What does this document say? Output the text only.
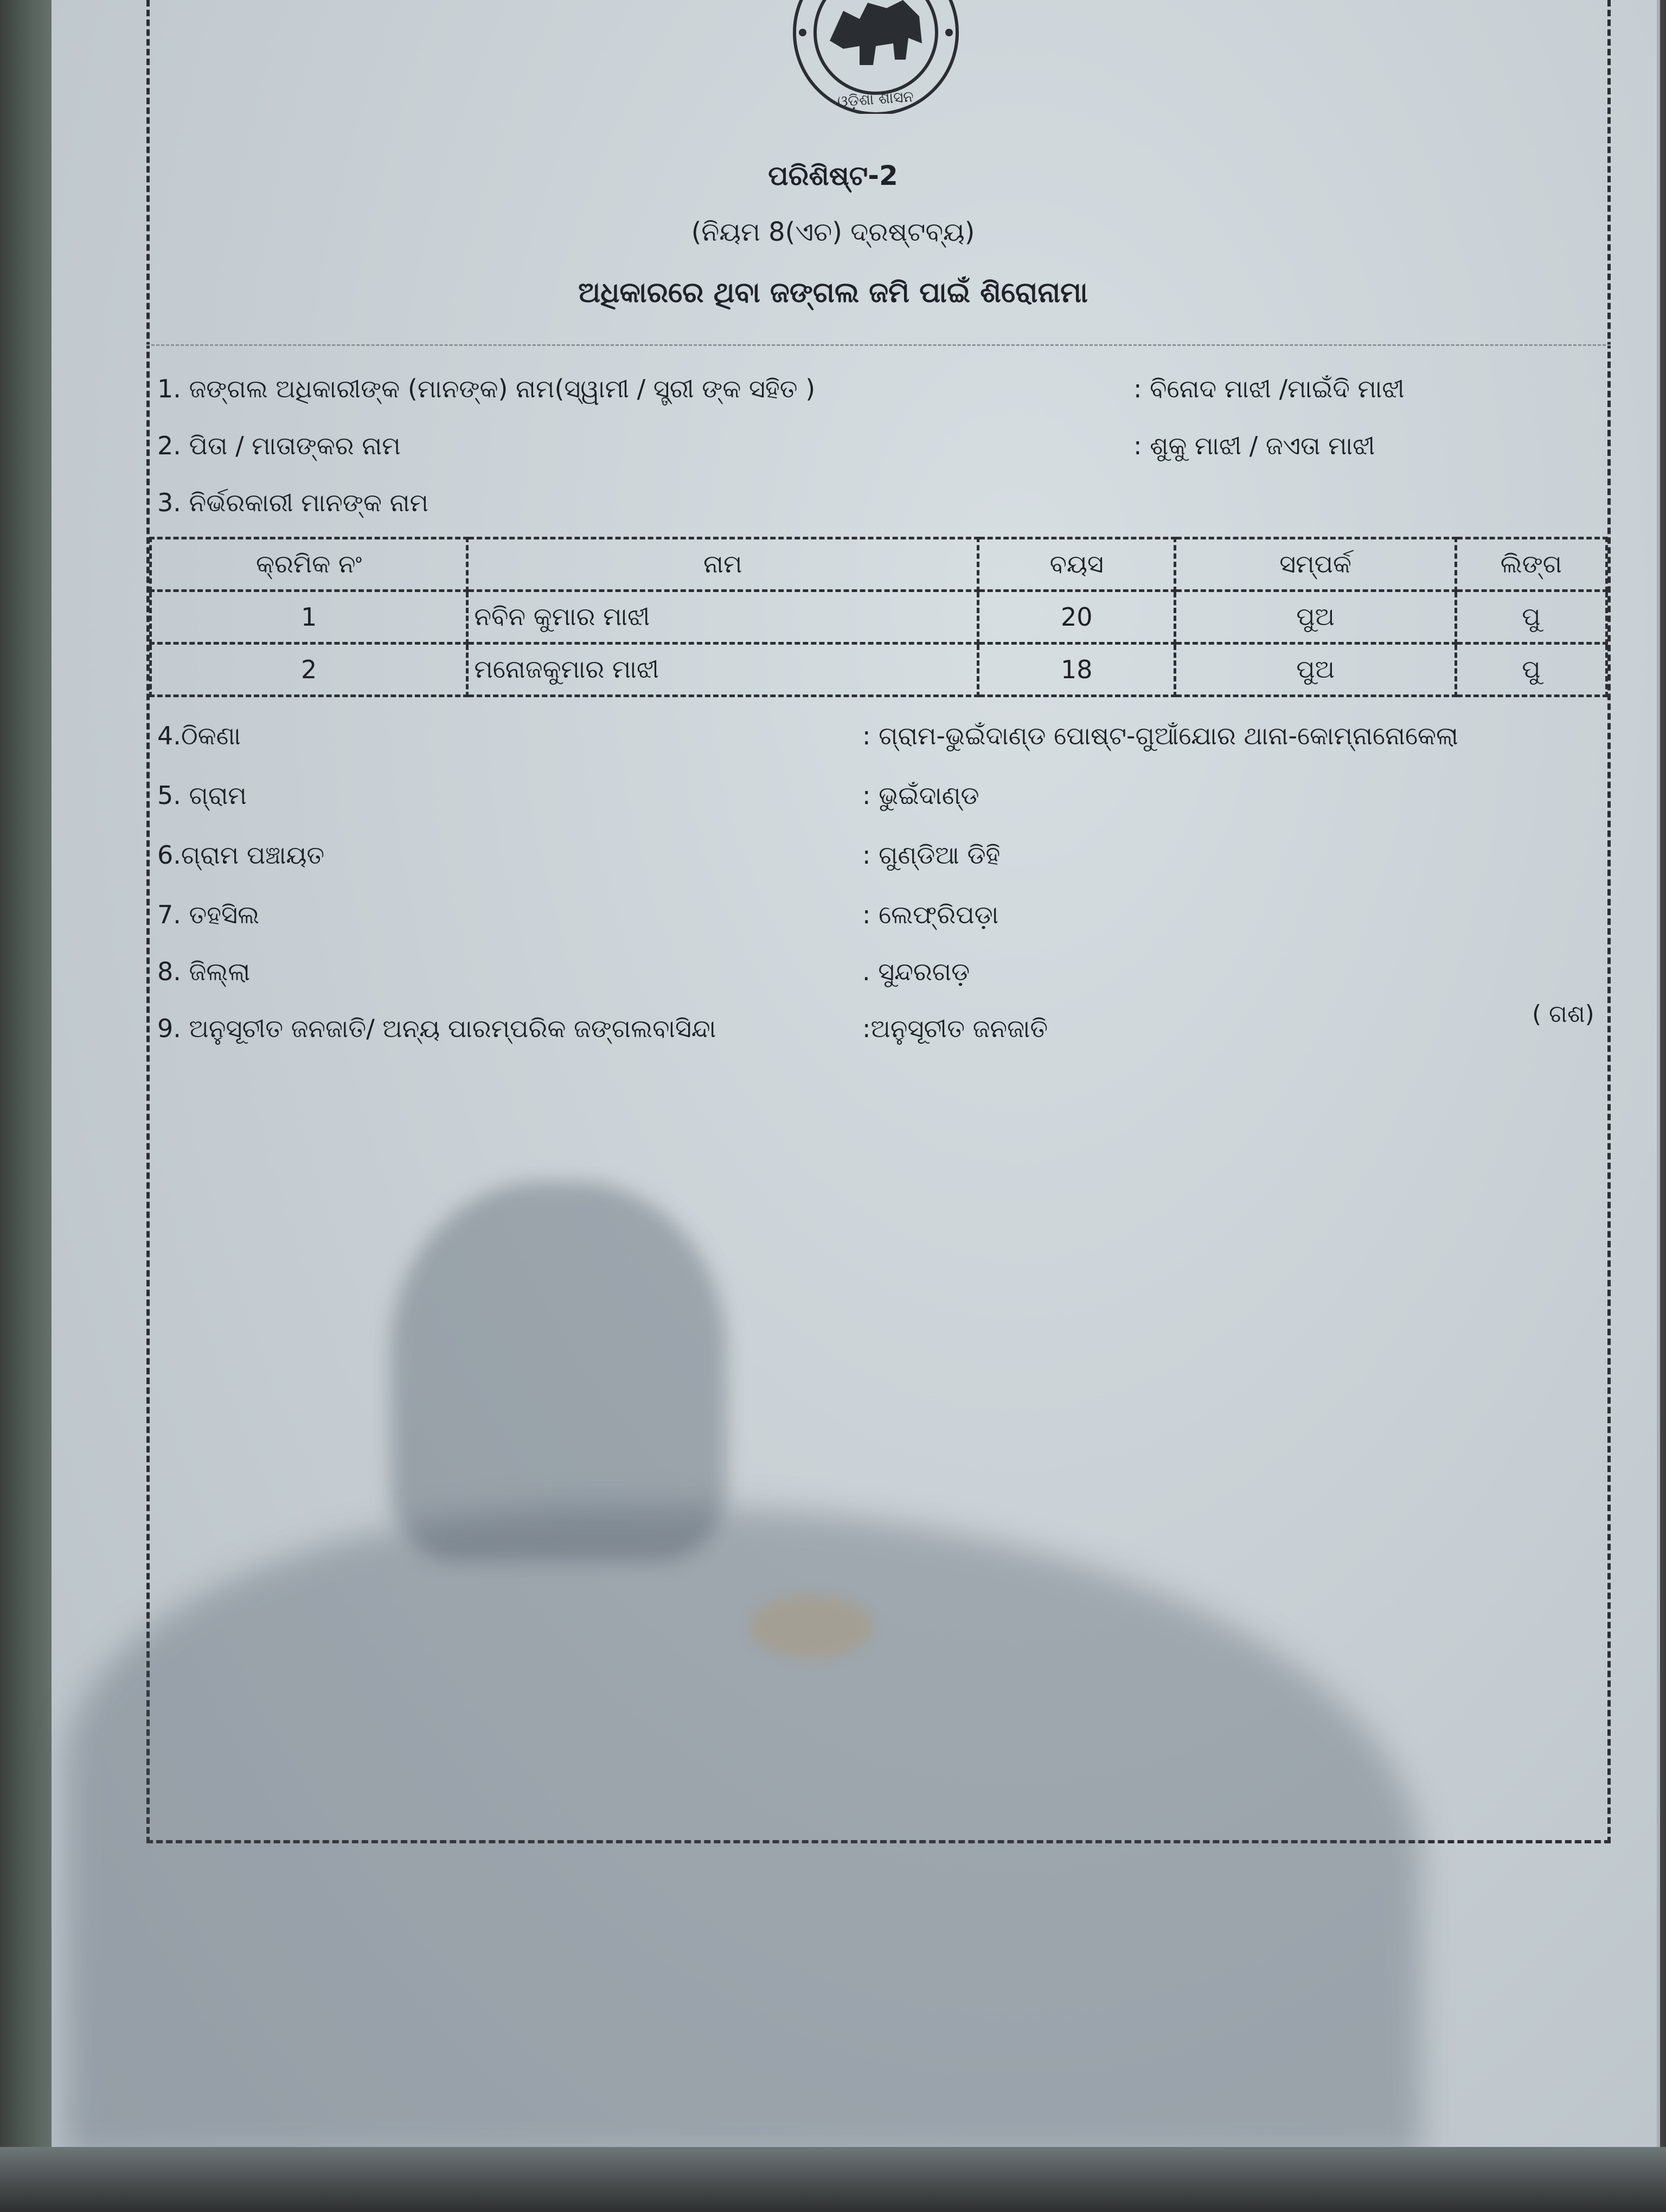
ଓଡ଼ିଶା ଶାସନ
ପରିଶିଷ୍ଟ-2
(ନିୟମ 8(ଏଚ) ଦ୍ରଷ୍ଟବ୍ୟ)
ଅଧିକାରରେ ଥିବା ଜଙ୍ଗଲ ଜମି ପାଇଁ ଶିରୋନାମା
1. ଜଙ୍ଗଲ ଅଧିକାରୀଙ୍କ (ମାନଙ୍କ) ନାମ(ସ୍ୱାମୀ / ସ୍ତ୍ରୀ ଙ୍କ ସହିତ )	: ବିନୋଦ ମାଝୀ /ମାଇଁଦି ମାଝୀ
2. ପିତା / ମାତାଙ୍କର ନାମ	: ଶୁକୁ ମାଝୀ / ଜଏତା ମାଝୀ
3. ନିର୍ଭରକାରୀ ମାନଙ୍କ ନାମ
କ୍ରମିକ ନଂ	ନାମ	ବୟସ	ସମ୍ପର୍କ	ଲିଙ୍ଗ
1	ନବିନ କୁମାର ମାଝୀ	20	ପୁଅ	ପୁ
2	ମନୋଜକୁମାର ମାଝୀ	18	ପୁଅ	ପୁ
4.ଠିକଣା	: ଗ୍ରାମ-ଭୁଇଁଦାଣ୍ଡ ପୋଷ୍ଟ-ଗୁଆଁଯୋର ଥାନା-କୋମ୍ନାନୋକେଲା
5. ଗ୍ରାମ	: ଭୁଇଁଦାଣ୍ଡ
6.ଗ୍ରାମ ପଞ୍ଚାୟତ	: ଗୁଣ୍ଡିଆ ଡିହି
7. ତହସିଲ	: ଲେଫ୍ରିପଡ଼ା
8. ଜିଲ୍ଲା	. ସୁନ୍ଦରଗଡ଼
9. ଅନୁସୂଚୀତ ଜନଜାତି/ ଅନ୍ୟ ପାରମ୍ପରିକ ଜଙ୍ଗଲବାସିନ୍ଦା	:ଅନୁସୂଚୀତ ଜନଜାତି	( ଗଶ)
